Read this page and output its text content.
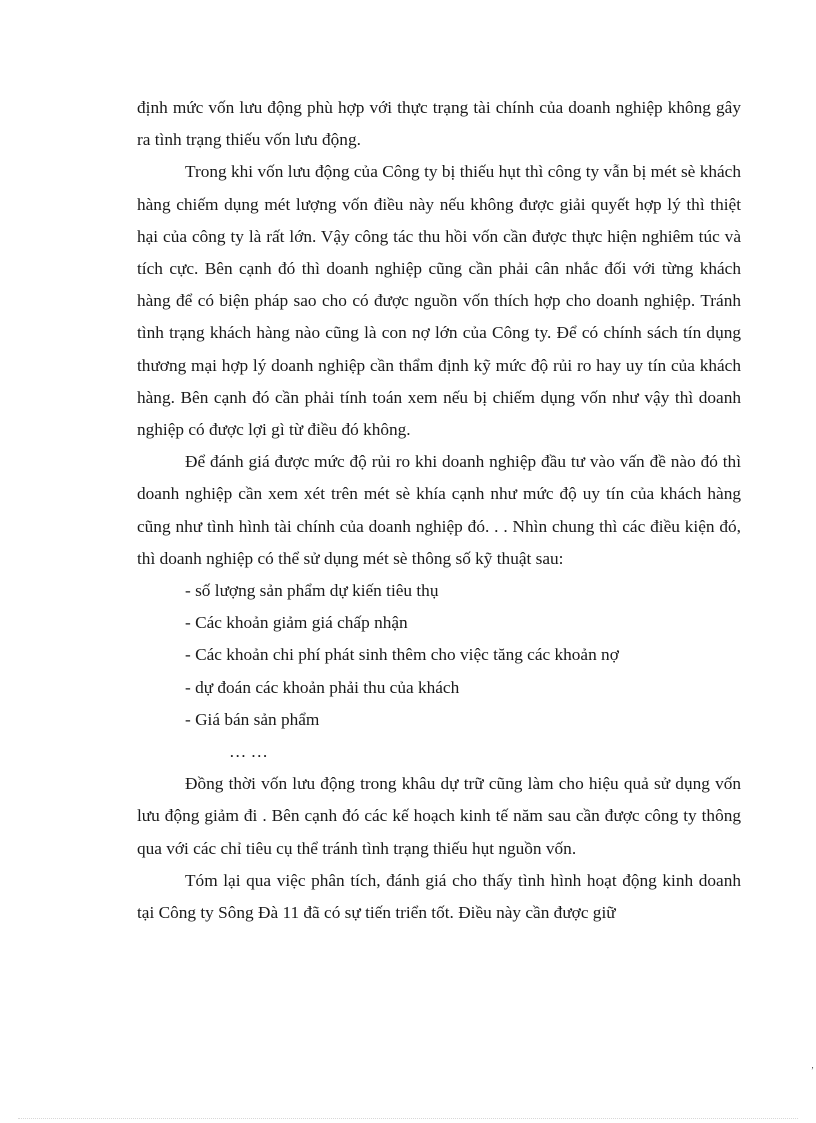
định mức vốn lưu động phù hợp với thực trạng tài chính của doanh nghiệp không gây ra tình trạng thiếu vốn lưu động.

Trong khi vốn lưu động của Công ty bị thiếu hụt thì công ty vẫn bị mét sè khách hàng chiếm dụng mét lượng vốn điều này nếu không được giải quyết hợp lý thì thiệt hại của công ty là rất lớn. Vậy công tác thu hồi vốn cần được thực hiện nghiêm túc và tích cực. Bên cạnh đó thì doanh nghiệp cũng cần phải cân nhắc đối với từng khách hàng để có biện pháp sao cho có được nguồn vốn thích hợp cho doanh nghiệp. Tránh tình trạng khách hàng nào cũng là con nợ lớn của Công ty. Để có chính sách tín dụng thương mại hợp lý doanh nghiệp cần thẩm định kỹ mức độ rủi ro hay uy tín của khách hàng. Bên cạnh đó cần phải tính toán xem nếu bị chiếm dụng vốn như vậy thì doanh nghiệp có được lợi gì từ điều đó không.

Để đánh giá được mức độ rủi ro khi doanh nghiệp đầu tư vào vấn đề nào đó thì doanh nghiệp cần xem xét trên mét sè khía cạnh như mức độ uy tín của khách hàng cũng như tình hình tài chính của doanh nghiệp đó. . . Nhìn chung thì các điều kiện đó, thì doanh nghiệp có thể sử dụng mét sè thông số kỹ thuật sau:

- số lượng sản phẩm dự kiến tiêu thụ

- Các khoản giảm giá chấp nhận

- Các khoản chi phí phát sinh thêm cho việc tăng các khoản nợ

- dự đoán các khoản phải thu của khách

- Giá bán sản phẩm

… …

Đồng thời vốn lưu động trong khâu dự trữ cũng làm cho hiệu quả sử dụng vốn lưu động giảm đi . Bên cạnh đó các kế hoạch kinh tế năm sau cần được công ty thông qua với các chỉ tiêu cụ thể tránh tình trạng thiếu hụt nguồn vốn.

Tóm lại qua việc phân tích, đánh giá cho thấy tình hình hoạt động kinh doanh tại Công ty Sông Đà 11 đã có sự tiến triển tốt. Điều này cần được giữ

‚
